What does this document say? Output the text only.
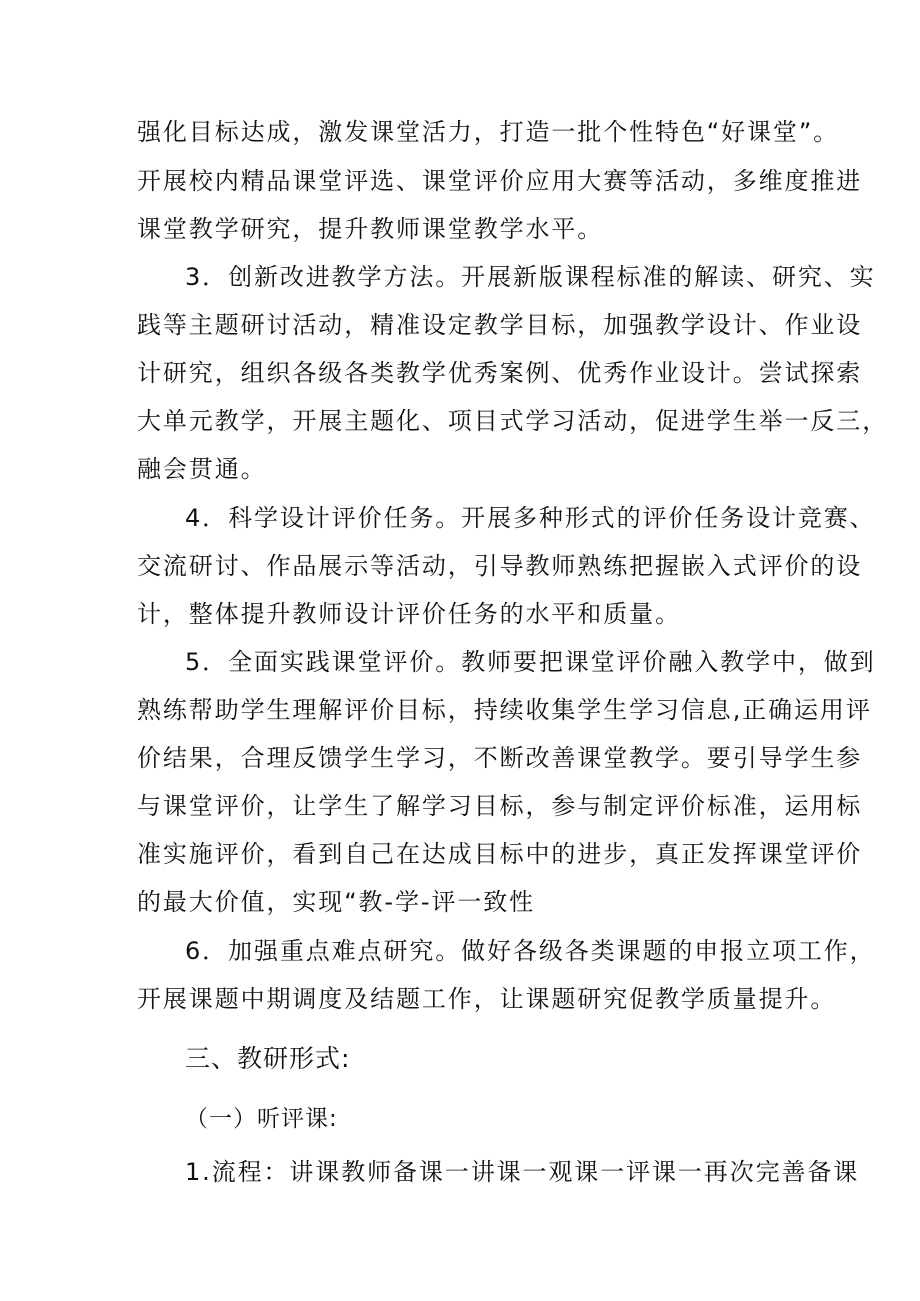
强化目标达成，激发课堂活力，打造一批个性特色“好课堂”。
开展校内精品课堂评选、课堂评价应用大赛等活动，多维度推进
课堂教学研究，提升教师课堂教学水平。
3．创新改进教学方法。开展新版课程标准的解读、研究、实
践等主题研讨活动，精准设定教学目标，加强教学设计、作业设
计研究，组织各级各类教学优秀案例、优秀作业设计。尝试探索
大单元教学，开展主题化、项目式学习活动，促进学生举一反三，
融会贯通。
4．科学设计评价任务。开展多种形式的评价任务设计竞赛、
交流研讨、作品展示等活动，引导教师熟练把握嵌入式评价的设
计，整体提升教师设计评价任务的水平和质量。
5．全面实践课堂评价。教师要把课堂评价融入教学中，做到
熟练帮助学生理解评价目标，持续收集学生学习信息,正确运用评
价结果，合理反馈学生学习，不断改善课堂教学。要引导学生参
与课堂评价，让学生了解学习目标，参与制定评价标准，运用标
准实施评价，看到自己在达成目标中的进步，真正发挥课堂评价
的最大价值，实现“教-学-评一致性
6．加强重点难点研究。做好各级各类课题的申报立项工作，
开展课题中期调度及结题工作，让课题研究促教学质量提升。
三、教研形式:
（一）听评课:
1.流程：讲课教师备课一讲课一观课一评课一再次完善备课
